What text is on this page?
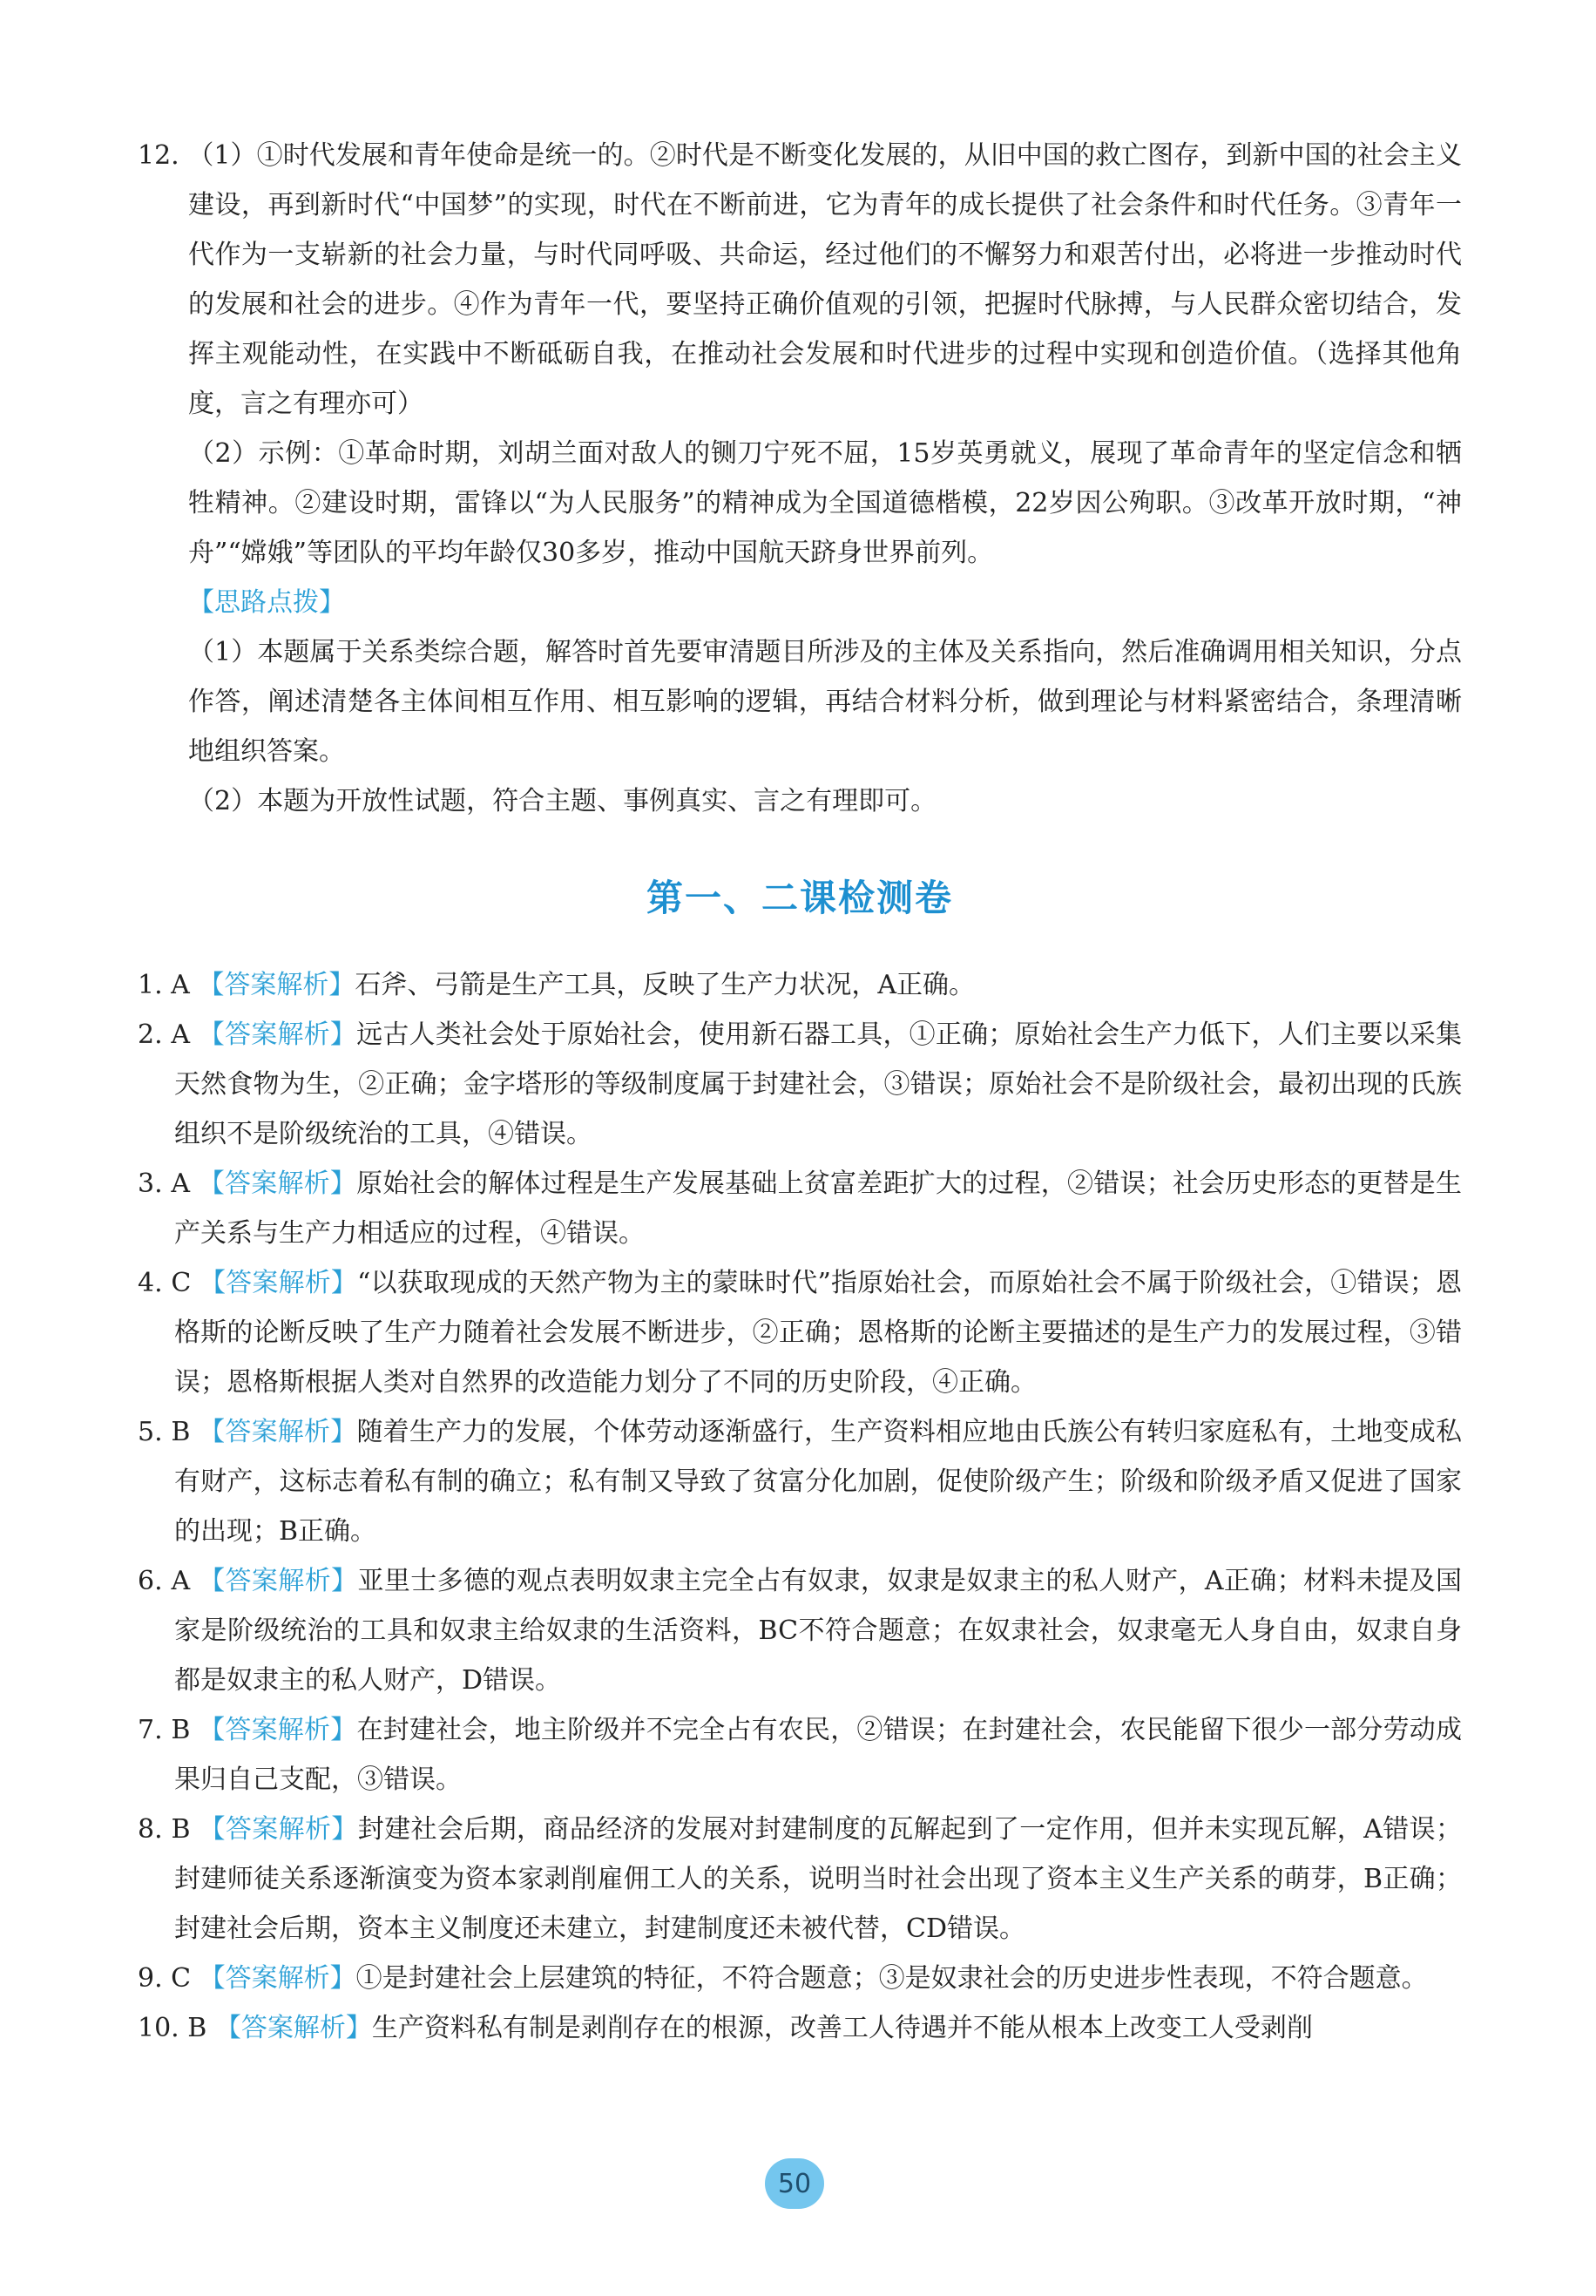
12. （1）①时代发展和青年使命是统一的。②时代是不断变化发展的，从旧中国的救亡图存，到新中国的社会主义建设，再到新时代“中国梦”的实现，时代在不断前进，它为青年的成长提供了社会条件和时代任务。③青年一代作为一支崭新的社会力量，与时代同呼吸、共命运，经过他们的不懈努力和艰苦付出，必将进一步推动时代的发展和社会的进步。④作为青年一代，要坚持正确价值观的引领，把握时代脉搏，与人民群众密切结合，发挥主观能动性，在实践中不断砥砺自我，在推动社会发展和时代进步的过程中实现和创造价值。（选择其他角度，言之有理亦可）

（2）示例：①革命时期，刘胡兰面对敌人的铡刀宁死不屈，15岁英勇就义，展现了革命青年的坚定信念和牺牲精神。②建设时期，雷锋以“为人民服务”的精神成为全国道德楷模，22岁因公殉职。③改革开放时期，“神舟”“嫦娥”等团队的平均年龄仅30多岁，推动中国航天跻身世界前列。

【思路点拨】

（1）本题属于关系类综合题，解答时首先要审清题目所涉及的主体及关系指向，然后准确调用相关知识，分点作答，阐述清楚各主体间相互作用、相互影响的逻辑，再结合材料分析，做到理论与材料紧密结合，条理清晰地组织答案。

（2）本题为开放性试题，符合主题、事例真实、言之有理即可。

第一、二课检测卷

1. A 【答案解析】石斧、弓箭是生产工具，反映了生产力状况，A正确。

2. A 【答案解析】远古人类社会处于原始社会，使用新石器工具，①正确；原始社会生产力低下，人们主要以采集天然食物为生，②正确；金字塔形的等级制度属于封建社会，③错误；原始社会不是阶级社会，最初出现的氏族组织不是阶级统治的工具，④错误。

3. A 【答案解析】原始社会的解体过程是生产发展基础上贫富差距扩大的过程，②错误；社会历史形态的更替是生产关系与生产力相适应的过程，④错误。

4. C 【答案解析】“以获取现成的天然产物为主的蒙昧时代”指原始社会，而原始社会不属于阶级社会，①错误；恩格斯的论断反映了生产力随着社会发展不断进步，②正确；恩格斯的论断主要描述的是生产力的发展过程，③错误；恩格斯根据人类对自然界的改造能力划分了不同的历史阶段，④正确。

5. B 【答案解析】随着生产力的发展，个体劳动逐渐盛行，生产资料相应地由氏族公有转归家庭私有，土地变成私有财产，这标志着私有制的确立；私有制又导致了贫富分化加剧，促使阶级产生；阶级和阶级矛盾又促进了国家的出现；B正确。

6. A 【答案解析】亚里士多德的观点表明奴隶主完全占有奴隶，奴隶是奴隶主的私人财产，A正确；材料未提及国家是阶级统治的工具和奴隶主给奴隶的生活资料，BC不符合题意；在奴隶社会，奴隶毫无人身自由，奴隶自身都是奴隶主的私人财产，D错误。

7. B 【答案解析】在封建社会，地主阶级并不完全占有农民，②错误；在封建社会，农民能留下很少一部分劳动成果归自己支配，③错误。

8. B 【答案解析】封建社会后期，商品经济的发展对封建制度的瓦解起到了一定作用，但并未实现瓦解，A错误；封建师徒关系逐渐演变为资本家剥削雇佣工人的关系，说明当时社会出现了资本主义生产关系的萌芽，B正确；封建社会后期，资本主义制度还未建立，封建制度还未被代替，CD错误。

9. C 【答案解析】①是封建社会上层建筑的特征，不符合题意；③是奴隶社会的历史进步性表现，不符合题意。

10. B 【答案解析】生产资料私有制是剥削存在的根源，改善工人待遇并不能从根本上改变工人受剥削

50
